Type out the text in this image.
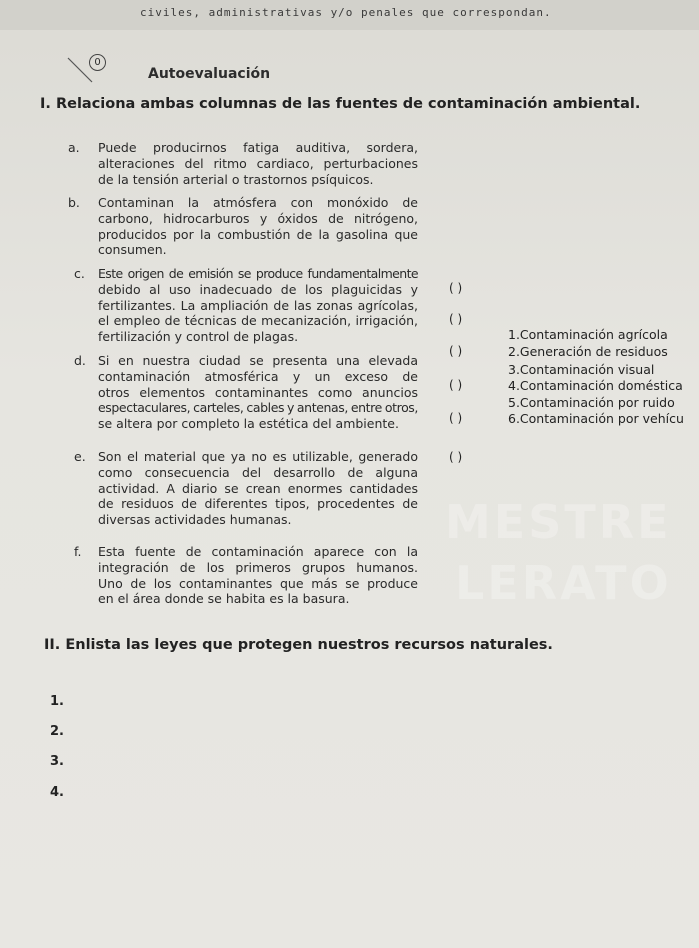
civiles, administrativas y/o penales que correspondan.
0
Autoevaluación
I. Relaciona ambas columnas de las fuentes de contaminación ambiental.
MESTRE
LERATO
a. Puede producirnos fatiga auditiva, sordera,
alteraciones del ritmo cardiaco, perturbaciones
de la tensión arterial o trastornos psíquicos.
b. Contaminan la atmósfera con monóxido de
carbono, hidrocarburos y óxidos de nitrógeno,
producidos por la combustión de la gasolina que
consumen.
c. Este origen de emisión se produce fundamentalmente
debido al uso inadecuado de los plaguicidas y
fertilizantes. La ampliación de las zonas agrícolas,
el empleo de técnicas de mecanización, irrigación,
fertilización y control de plagas.
d. Si en nuestra ciudad se presenta una elevada
contaminación atmosférica y un exceso de
otros elementos contaminantes como anuncios
espectaculares, carteles, cables y antenas, entre otros,
se altera por completo la estética del ambiente.
e. Son el material que ya no es utilizable, generado
como consecuencia del desarrollo de alguna
actividad. A diario se crean enormes cantidades
de residuos de diferentes tipos, procedentes de
diversas actividades humanas.
f. Esta fuente de contaminación aparece con la
integración de los primeros grupos humanos.
Uno de los contaminantes que más se produce
en el área donde se habita es la basura.
( )
( )
( )
( )
( )
( )
1.Contaminación agrícola
2.Generación de residuos
3.Contaminación visual
4.Contaminación doméstica
5.Contaminación por ruido
6.Contaminación por vehícu
II. Enlista las leyes que protegen nuestros recursos naturales.
1.
2.
3.
4.
